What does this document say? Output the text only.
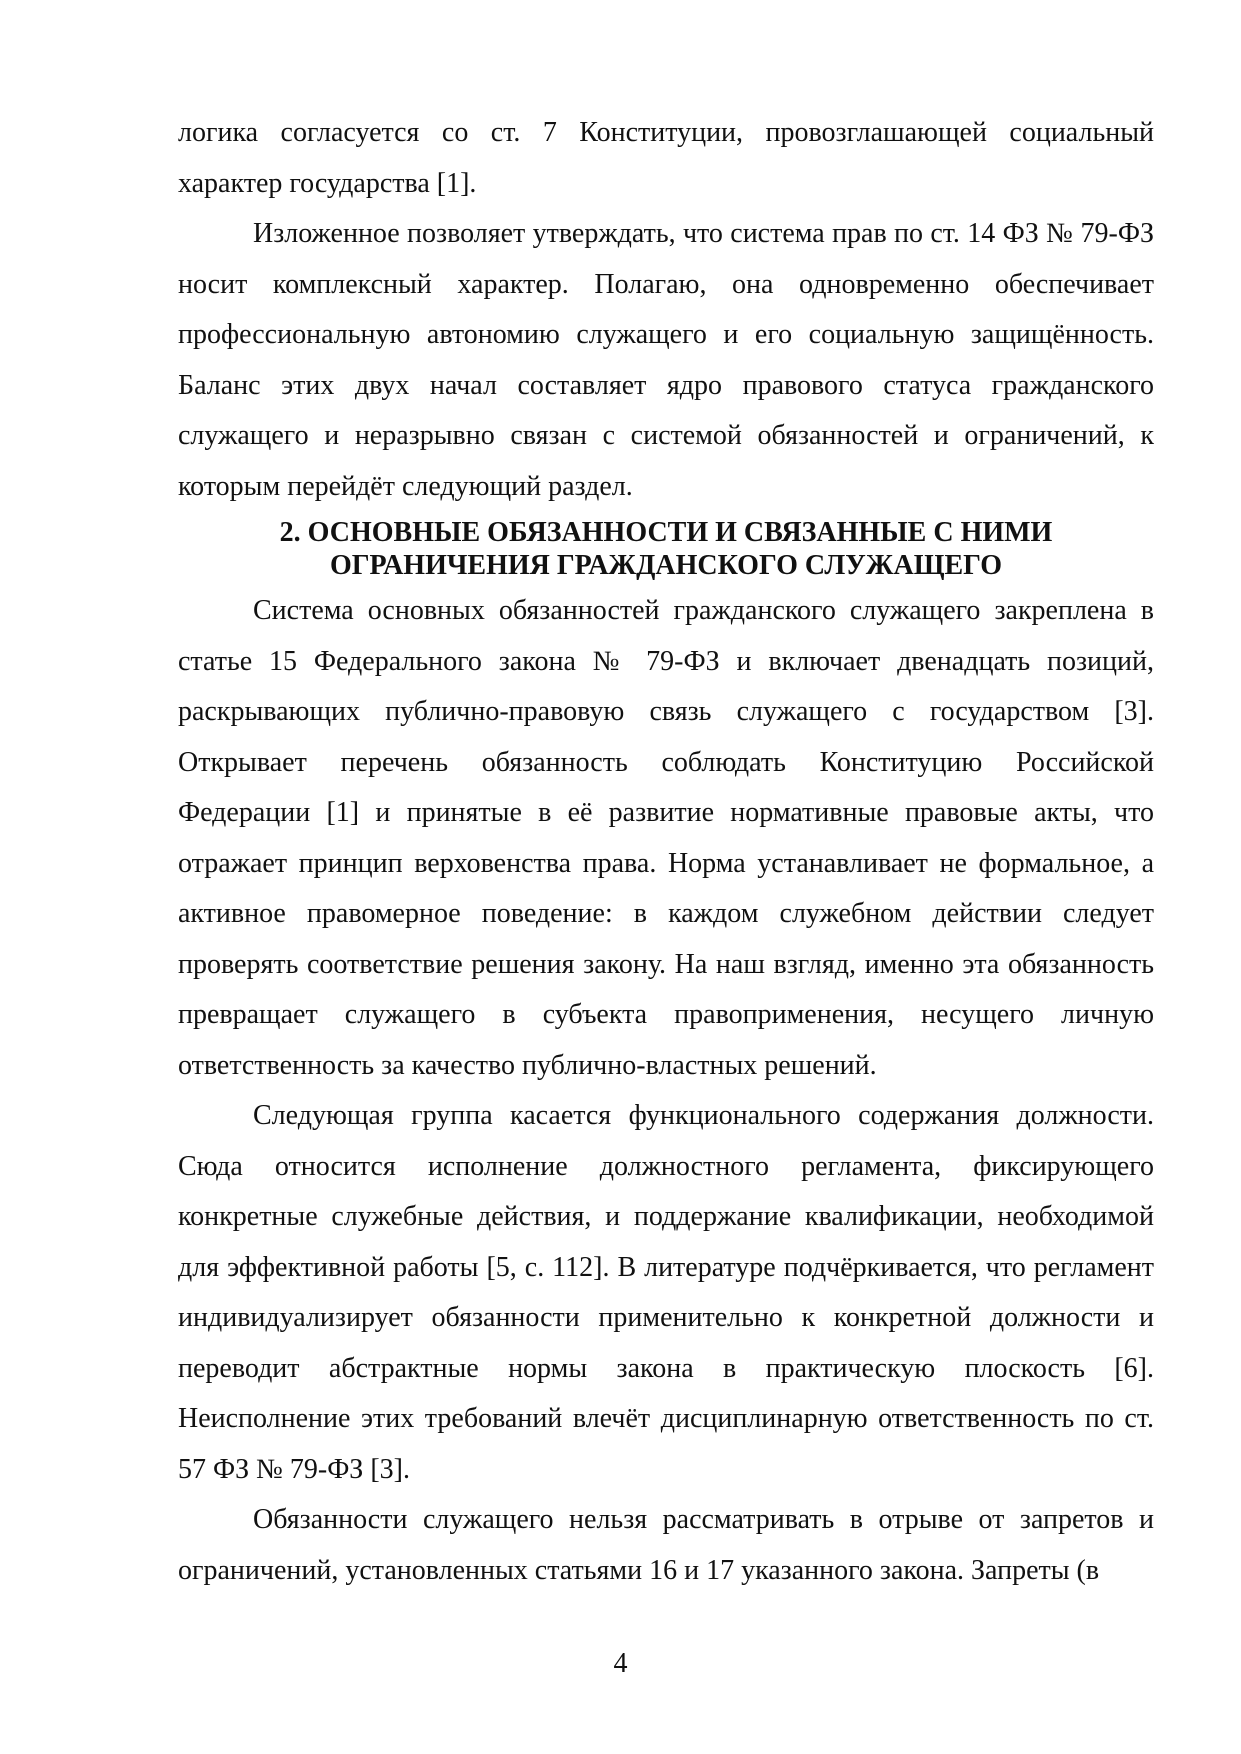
логика согласуется со ст. 7 Конституции, провозглашающей социальный характер государства [1].

Изложенное позволяет утверждать, что система прав по ст. 14 ФЗ № 79-ФЗ носит комплексный характер. Полагаю, она одновременно обеспечивает профессиональную автономию служащего и его социальную защищённость. Баланс этих двух начал составляет ядро правового статуса гражданского служащего и неразрывно связан с системой обязанностей и ограничений, к которым перейдёт следующий раздел.

2. ОСНОВНЫЕ ОБЯЗАННОСТИ И СВЯЗАННЫЕ С НИМИ
ОГРАНИЧЕНИЯ ГРАЖДАНСКОГО СЛУЖАЩЕГО

Система основных обязанностей гражданского служащего закреплена в статье 15 Федерального закона № 79-ФЗ и включает двенадцать позиций, раскрывающих публично-правовую связь служащего с государством [3]. Открывает перечень обязанность соблюдать Конституцию Российской Федерации [1] и принятые в её развитие нормативные правовые акты, что отражает принцип верховенства права. Норма устанавливает не формальное, а активное правомерное поведение: в каждом служебном действии следует проверять соответствие решения закону. На наш взгляд, именно эта обязанность превращает служащего в субъекта правоприменения, несущего личную ответственность за качество публично-властных решений.

Следующая группа касается функционального содержания должности. Сюда относится исполнение должностного регламента, фиксирующего конкретные служебные действия, и поддержание квалификации, необходимой для эффективной работы [5, с. 112]. В литературе подчёркивается, что регламент индивидуализирует обязанности применительно к конкретной должности и переводит абстрактные нормы закона в практическую плоскость [6]. Неисполнение этих требований влечёт дисциплинарную ответственность по ст. 57 ФЗ № 79-ФЗ [3].

Обязанности служащего нельзя рассматривать в отрыве от запретов и ограничений, установленных статьями 16 и 17 указанного закона. Запреты (в

4
